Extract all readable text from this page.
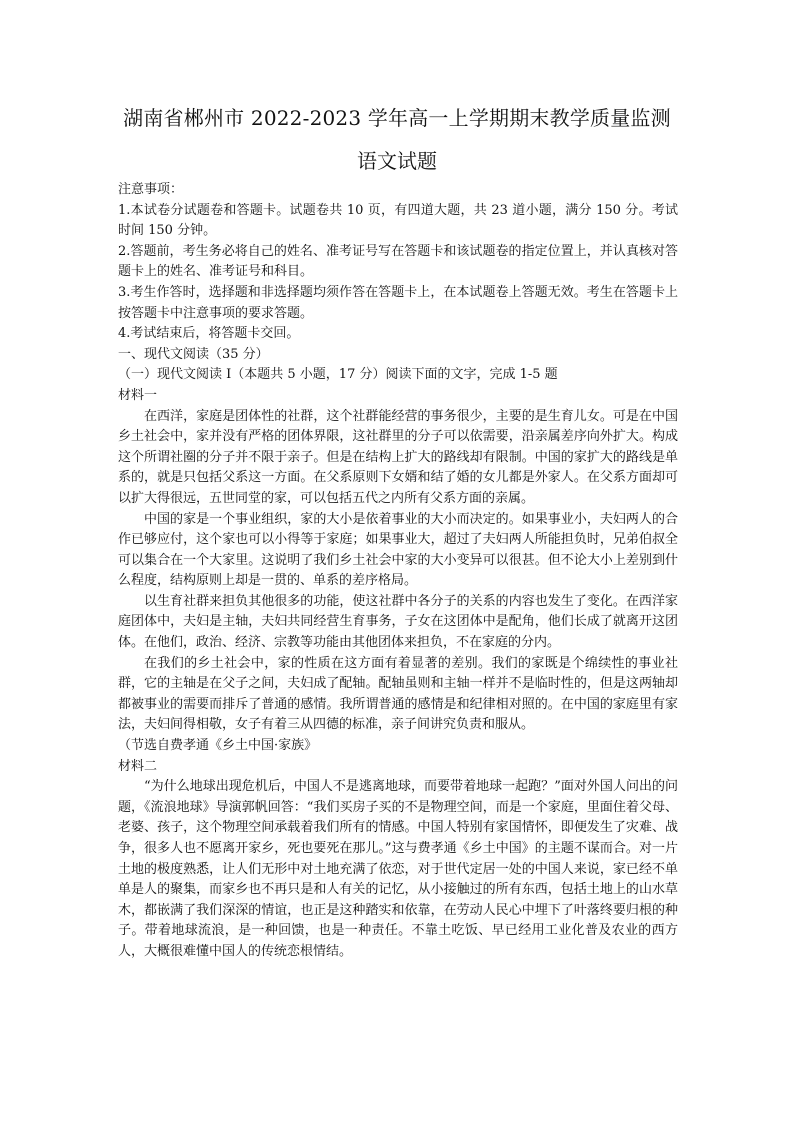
湖南省郴州市 2022-2023 学年高一上学期期末教学质量监测
语文试题

注意事项：

1.本试卷分试题卷和答题卡。试题卷共 10 页，有四道大题，共 23 道小题，满分 150 分。考试时间 150 分钟。

2.答题前，考生务必将自己的姓名、准考证号写在答题卡和该试题卷的指定位置上，并认真核对答题卡上的姓名、准考证号和科目。

3.考生作答时，选择题和非选择题均须作答在答题卡上，在本试题卷上答题无效。考生在答题卡上按答题卡中注意事项的要求答题。

4.考试结束后，将答题卡交回。

一、现代文阅读（35 分）

（一）现代文阅读 I（本题共 5 小题，17 分）阅读下面的文字，完成 1-5 题

材料一

在西洋，家庭是团体性的社群，这个社群能经营的事务很少，主要的是生育儿女。可是在中国乡土社会中，家并没有严格的团体界限，这社群里的分子可以依需要，沿亲属差序向外扩大。构成这个所谓社圈的分子并不限于亲子。但是在结构上扩大的路线却有限制。中国的家扩大的路线是单系的，就是只包括父系这一方面。在父系原则下女婿和结了婚的女儿都是外家人。在父系方面却可以扩大得很远，五世同堂的家，可以包括五代之内所有父系方面的亲属。

中国的家是一个事业组织，家的大小是依着事业的大小而决定的。如果事业小，夫妇两人的合作已够应付，这个家也可以小得等于家庭；如果事业大，超过了夫妇两人所能担负时，兄弟伯叔全可以集合在一个大家里。这说明了我们乡土社会中家的大小变异可以很甚。但不论大小上差别到什么程度，结构原则上却是一贯的、单系的差序格局。

以生育社群来担负其他很多的功能，使这社群中各分子的关系的内容也发生了变化。在西洋家庭团体中，夫妇是主轴，夫妇共同经营生育事务，子女在这团体中是配角，他们长成了就离开这团体。在他们，政治、经济、宗教等功能由其他团体来担负，不在家庭的分内。

在我们的乡土社会中，家的性质在这方面有着显著的差别。我们的家既是个绵续性的事业社群，它的主轴是在父子之间，夫妇成了配轴。配轴虽则和主轴一样并不是临时性的，但是这两轴却都被事业的需要而排斥了普通的感情。我所谓普通的感情是和纪律相对照的。在中国的家庭里有家法，夫妇间得相敬，女子有着三从四德的标准，亲子间讲究负责和服从。

（节选自费孝通《乡土中国·家族》

材料二

“为什么地球出现危机后，中国人不是逃离地球，而要带着地球一起跑？”面对外国人问出的问题，《流浪地球》导演郭帆回答：“我们买房子买的不是物理空间，而是一个家庭，里面住着父母、老婆、孩子，这个物理空间承载着我们所有的情感。中国人特别有家国情怀，即便发生了灾难、战争，很多人也不愿离开家乡，死也要死在那儿。”这与费孝通《乡土中国》的主题不谋而合。对一片土地的极度熟悉，让人们无形中对土地充满了依恋，对于世代定居一处的中国人来说，家已经不单单是人的聚集，而家乡也不再只是和人有关的记忆，从小接触过的所有东西，包括土地上的山水草木，都嵌满了我们深深的情谊，也正是这种踏实和依靠，在劳动人民心中埋下了叶落终要归根的种子。带着地球流浪，是一种回馈，也是一种责任。不靠土吃饭、早已经用工业化普及农业的西方人，大概很难懂中国人的传统恋根情结。
